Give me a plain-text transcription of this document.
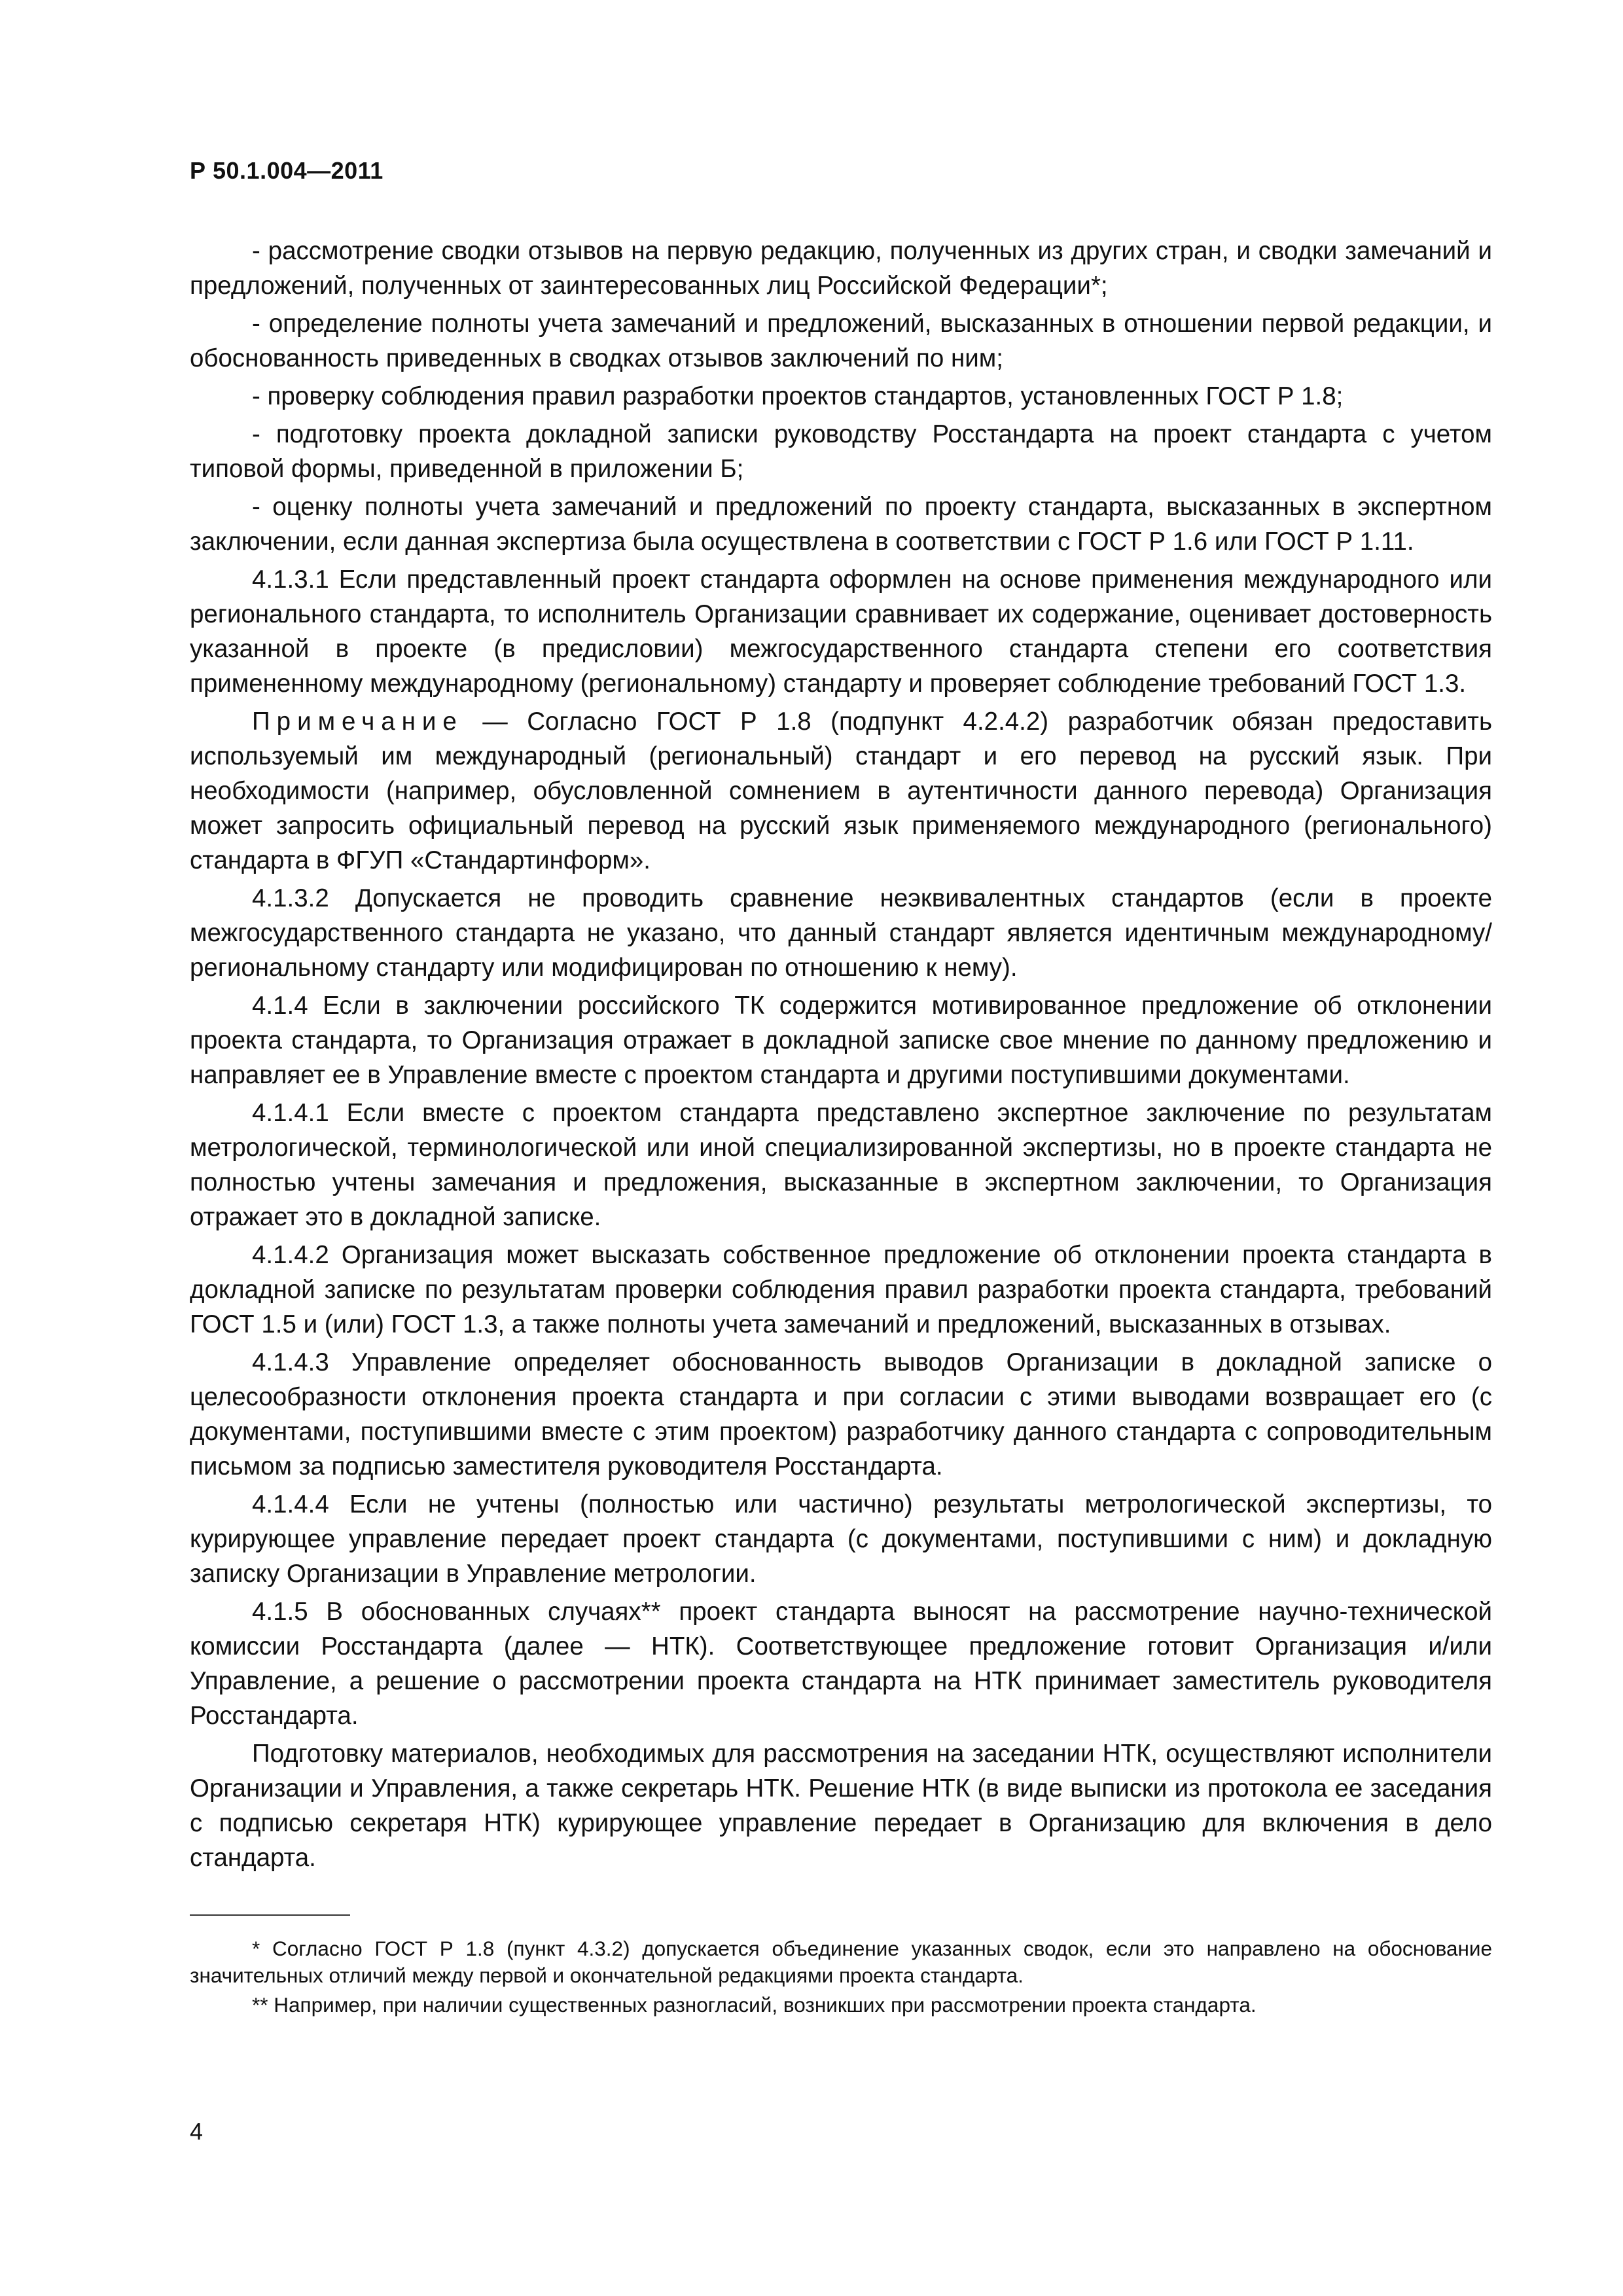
Р 50.1.004—2011

- рассмотрение сводки отзывов на первую редакцию, полученных из других стран, и сводки замечаний и предложений, полученных от заинтересованных лиц Российской Федерации*;

- определение полноты учета замечаний и предложений, высказанных в отношении первой редакции, и обоснованность приведенных в сводках отзывов заключений по ним;

- проверку соблюдения правил разработки проектов стандартов, установленных ГОСТ Р 1.8;

- подготовку проекта докладной записки руководству Росстандарта на проект стандарта с учетом типовой формы, приведенной в приложении Б;

- оценку полноты учета замечаний и предложений по проекту стандарта, высказанных в экспертном заключении, если данная экспертиза была осуществлена в соответствии с ГОСТ Р 1.6 или ГОСТ Р 1.11.

4.1.3.1 Если представленный проект стандарта оформлен на основе применения международного или регионального стандарта, то исполнитель Организации сравнивает их содержание, оценивает достоверность указанной в проекте (в предисловии) межгосударственного стандарта степени его соответствия примененному международному (региональному) стандарту и проверяет соблюдение требований ГОСТ 1.3.

Примечание — Согласно ГОСТ Р 1.8 (подпункт 4.2.4.2) разработчик обязан предоставить используемый им международный (региональный) стандарт и его перевод на русский язык. При необходимости (например, обусловленной сомнением в аутентичности данного перевода) Организация может запросить официальный перевод на русский язык применяемого международного (регионального) стандарта в ФГУП «Стандартинформ».

4.1.3.2 Допускается не проводить сравнение неэквивалентных стандартов (если в проекте межгосударственного стандарта не указано, что данный стандарт является идентичным международному/региональному стандарту или модифицирован по отношению к нему).

4.1.4 Если в заключении российского ТК содержится мотивированное предложение об отклонении проекта стандарта, то Организация отражает в докладной записке свое мнение по данному предложению и направляет ее в Управление вместе с проектом стандарта и другими поступившими документами.

4.1.4.1 Если вместе с проектом стандарта представлено экспертное заключение по результатам метрологической, терминологической или иной специализированной экспертизы, но в проекте стандарта не полностью учтены замечания и предложения, высказанные в экспертном заключении, то Организация отражает это в докладной записке.

4.1.4.2 Организация может высказать собственное предложение об отклонении проекта стандарта в докладной записке по результатам проверки соблюдения правил разработки проекта стандарта, требований ГОСТ 1.5 и (или) ГОСТ 1.3, а также полноты учета замечаний и предложений, высказанных в отзывах.

4.1.4.3 Управление определяет обоснованность выводов Организации в докладной записке о целесообразности отклонения проекта стандарта и при согласии с этими выводами возвращает его (с документами, поступившими вместе с этим проектом) разработчику данного стандарта с сопроводительным письмом за подписью заместителя руководителя Росстандарта.

4.1.4.4 Если не учтены (полностью или частично) результаты метрологической экспертизы, то курирующее управление передает проект стандарта (с документами, поступившими с ним) и докладную записку Организации в Управление метрологии.

4.1.5 В обоснованных случаях** проект стандарта выносят на рассмотрение научно-технической комиссии Росстандарта (далее — НТК). Соответствующее предложение готовит Организация и/или Управление, а решение о рассмотрении проекта стандарта на НТК принимает заместитель руководителя Росстандарта.

Подготовку материалов, необходимых для рассмотрения на заседании НТК, осуществляют исполнители Организации и Управления, а также секретарь НТК. Решение НТК (в виде выписки из протокола ее заседания с подписью секретаря НТК) курирующее управление передает в Организацию для включения в дело стандарта.

* Согласно ГОСТ Р 1.8 (пункт 4.3.2) допускается объединение указанных сводок, если это направлено на обоснование значительных отличий между первой и окончательной редакциями проекта стандарта.

** Например, при наличии существенных разногласий, возникших при рассмотрении проекта стандарта.

4
